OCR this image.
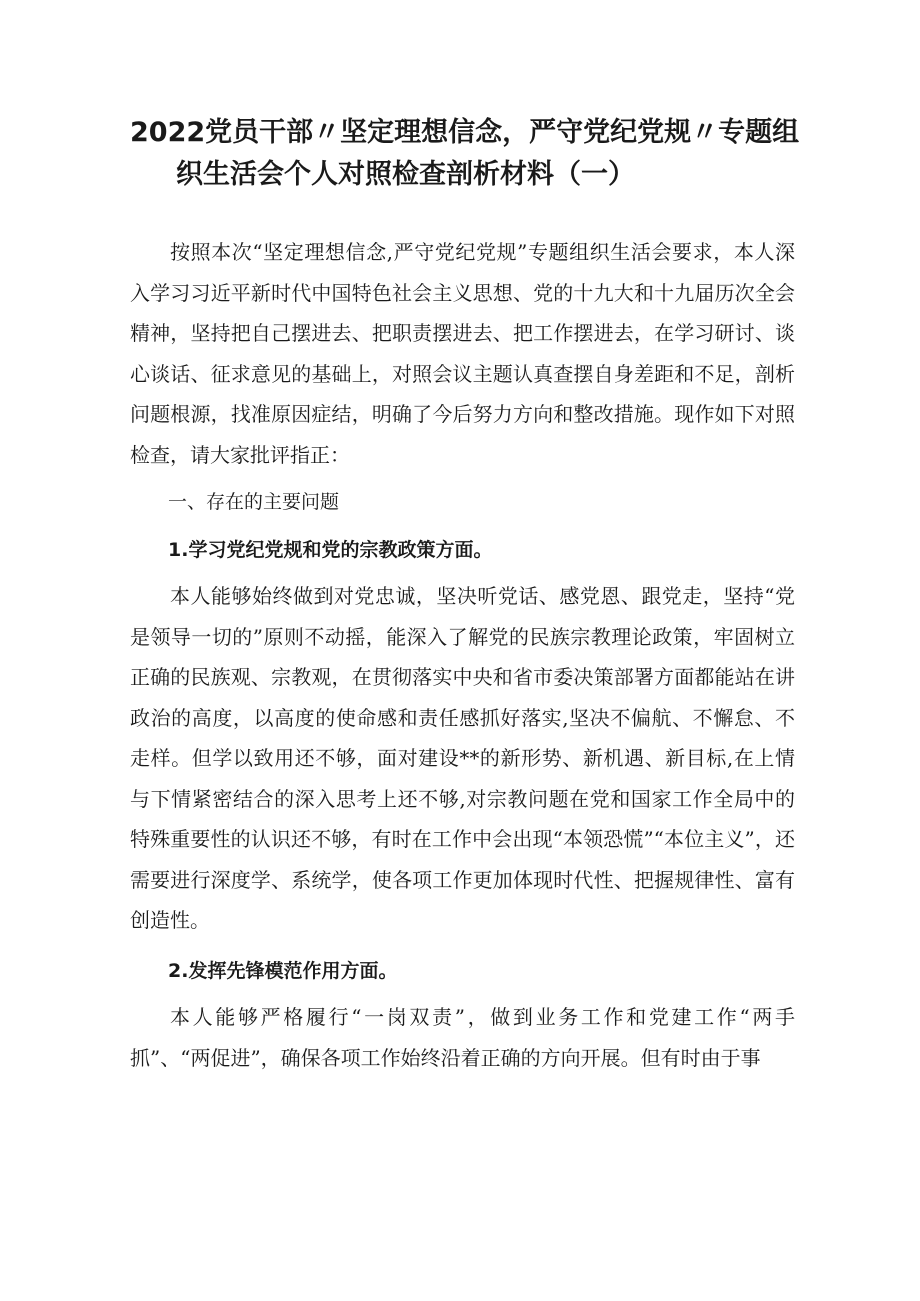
2022党员干部〃坚定理想信念，严守党纪党规〃专题组
织生活会个人对照检查剖析材料（一）

按照本次“坚定理想信念,严守党纪党规”专题组织生活会要求，本人深入学习习近平新时代中国特色社会主义思想、党的十九大和十九届历次全会精神，坚持把自己摆进去、把职责摆进去、把工作摆进去，在学习研讨、谈心谈话、征求意见的基础上，对照会议主题认真查摆自身差距和不足，剖析问题根源，找准原因症结，明确了今后努力方向和整改措施。现作如下对照检查，请大家批评指正：

一、存在的主要问题

1.学习党纪党规和党的宗教政策方面。

本人能够始终做到对党忠诚，坚决听党话、感党恩、跟党走，坚持“党是领导一切的”原则不动摇，能深入了解党的民族宗教理论政策，牢固树立正确的民族观、宗教观，在贯彻落实中央和省市委决策部署方面都能站在讲政治的高度，以高度的使命感和责任感抓好落实,坚决不偏航、不懈怠、不走样。但学以致用还不够，面对建设**的新形势、新机遇、新目标,在上情与下情紧密结合的深入思考上还不够,对宗教问题在党和国家工作全局中的特殊重要性的认识还不够，有时在工作中会出现“本领恐慌”“本位主义”，还需要进行深度学、系统学，使各项工作更加体现时代性、把握规律性、富有创造性。

2.发挥先锋模范作用方面。

本人能够严格履行“一岗双责”，做到业务工作和党建工作“两手抓”、“两促进”，确保各项工作始终沿着正确的方向开展。但有时由于事
